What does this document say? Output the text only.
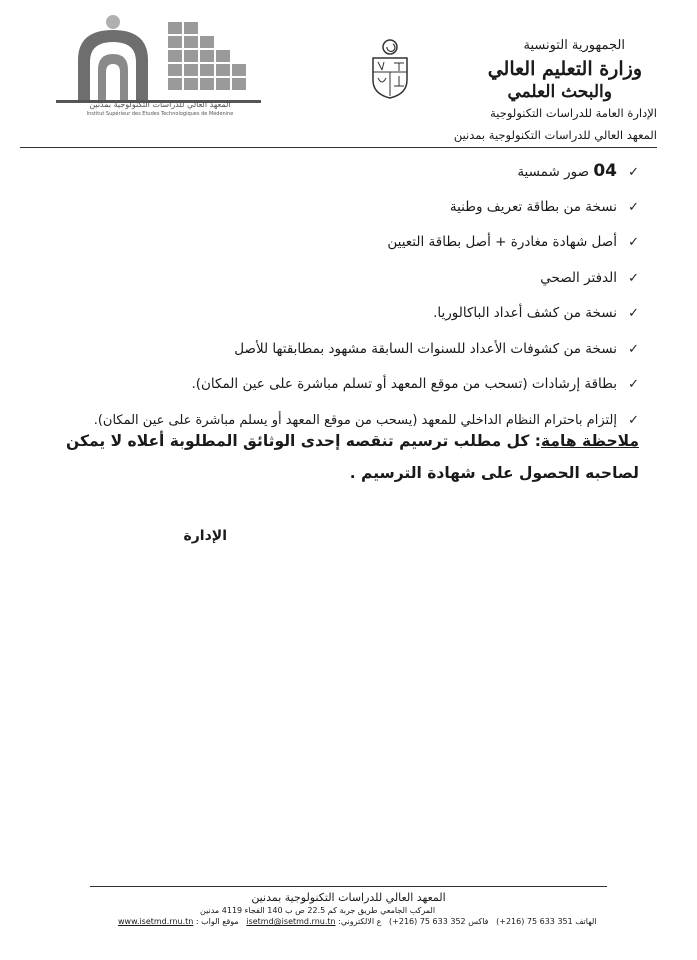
المعهد العالي للدراسات التكنولوجية بمدنين
Institut Supérieur des Etudes Technologiques de Médenine
الجمهورية التونسية
وزارة التعليم العالي
والبحث العلمي
الإدارة العامة للدراسات التكنولوجية
المعهد العالي للدراسات التكنولوجية بمدنين
✓04 صور شمسية
✓نسخة من بطاقة تعريف وطنية
✓أصل شهادة مغادرة + أصل بطاقة التعيين
✓الدفتر الصحي
✓نسخة من كشف أعداد الباكالوريا.
✓نسخة من كشوفات الأعداد للسنوات السابقة مشهود بمطابقتها للأصل
✓بطاقة إرشادات (تسحب من موقع المعهد أو تسلم مباشرة على عين المكان).
✓إلتزام باحترام النظام الداخلي للمعهد (يسحب من موقع المعهد أو يسلم مباشرة على عين المكان).
ملاحظة هامة: كل مطلب ترسيم تنقصه إحدى الوثائق المطلوبة أعلاه لا يمكن لصاحبه الحصول على شهادة الترسيم .
الإدارة
المعهد العالي للدراسات التكنولوجية بمدنين
المركب الجامعي طريق جربة كم 22.5 ص ب 140 الفجاء 4119 مدنين
الهاتف 351 633 75 (216+)   فاكس 352 633 75 (216+)   ع الالكتروني: isetmd@isetmd.rnu.tn   موقع الواب : www.isetmd.rnu.tn
